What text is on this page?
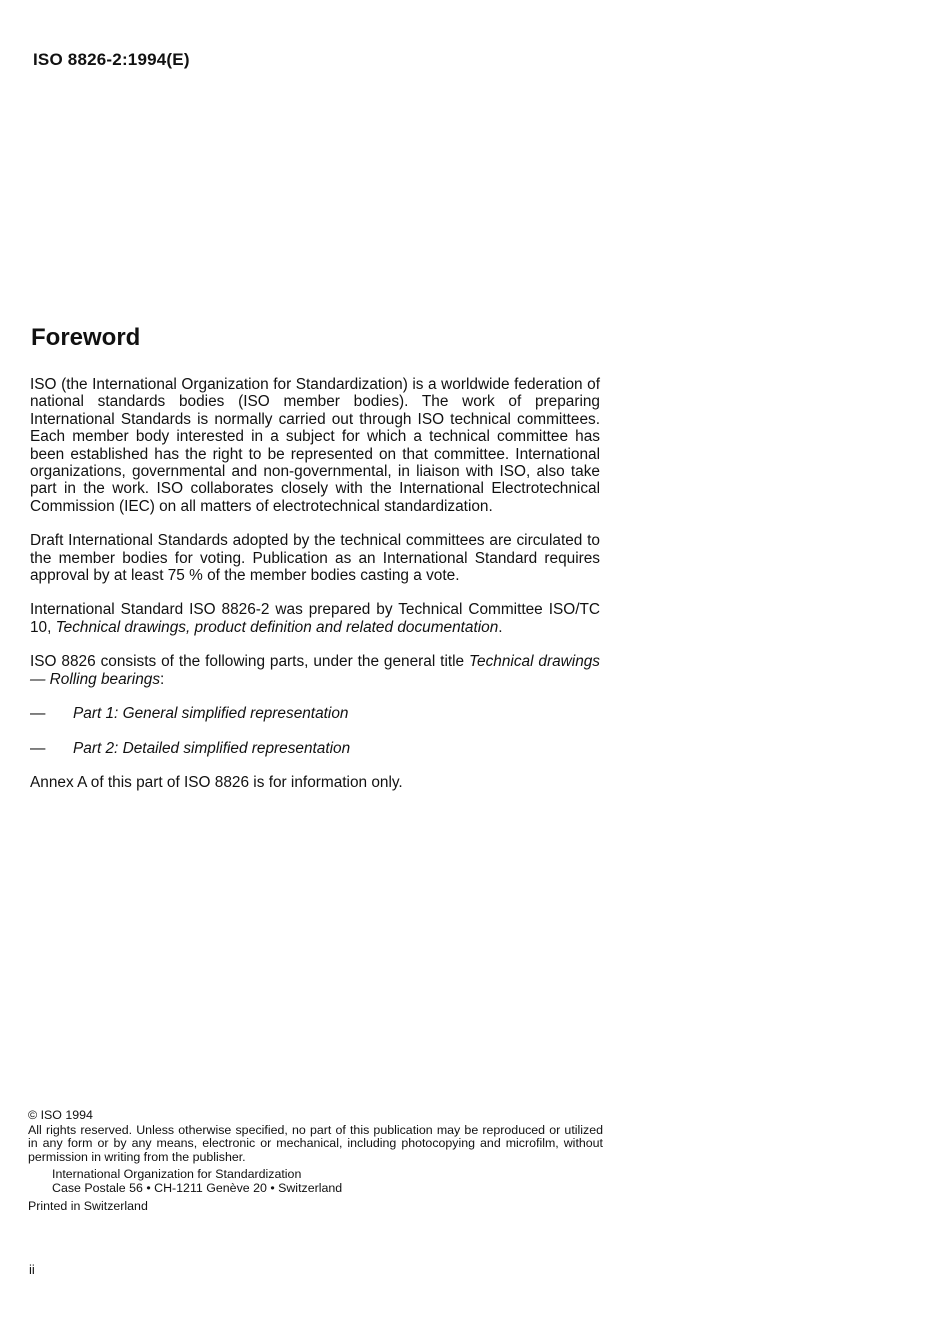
ISO 8826-2:1994(E)
Foreword

ISO (the International Organization for Standardization) is a worldwide federation of national standards bodies (ISO member bodies). The work of preparing International Standards is normally carried out through ISO technical committees. Each member body interested in a subject for which a technical committee has been established has the right to be represented on that committee. International organizations, governmental and non-governmental, in liaison with ISO, also take part in the work. ISO collaborates closely with the International Electrotechnical Commission (IEC) on all matters of electrotechnical standardization.

Draft International Standards adopted by the technical committees are circulated to the member bodies for voting. Publication as an International Standard requires approval by at least 75 % of the member bodies casting a vote.

International Standard ISO 8826-2 was prepared by Technical Committee ISO/TC 10, Technical drawings, product definition and related documentation.

ISO 8826 consists of the following parts, under the general title Technical drawings — Rolling bearings:

— Part 1: General simplified representation

— Part 2: Detailed simplified representation

Annex A of this part of ISO 8826 is for information only.

© ISO 1994
All rights reserved. Unless otherwise specified, no part of this publication may be reproduced or utilized in any form or by any means, electronic or mechanical, including photocopying and microfilm, without permission in writing from the publisher.
International Organization for Standardization
Case Postale 56 • CH-1211 Genève 20 • Switzerland
Printed in Switzerland
ii
